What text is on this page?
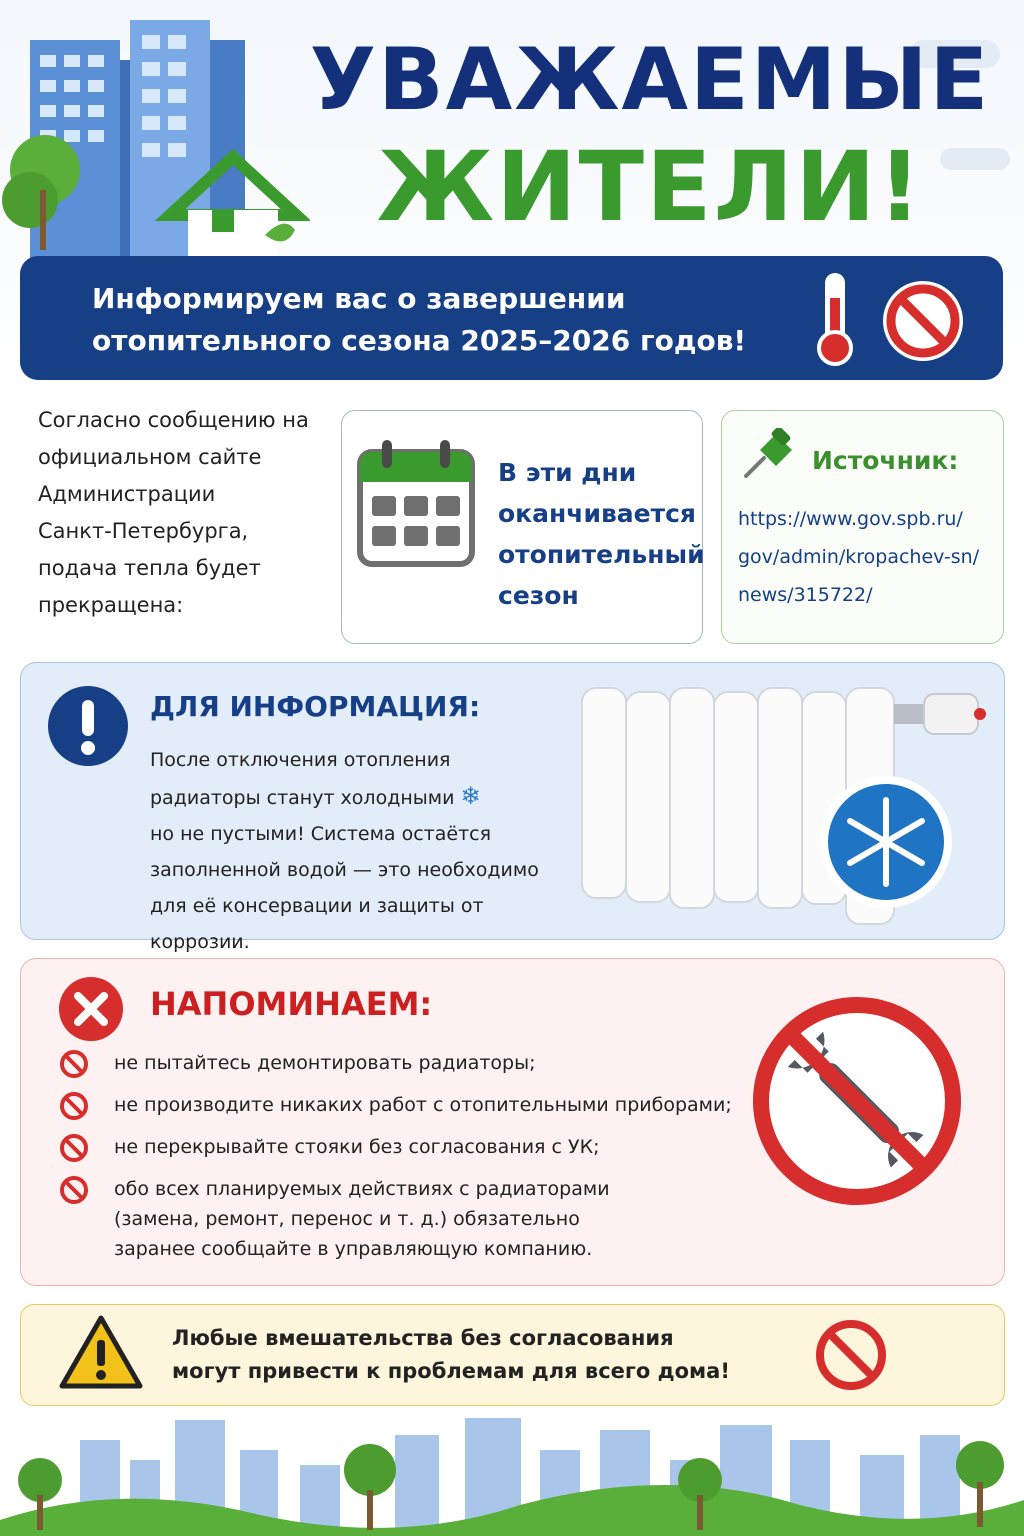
УВАЖАЕМЫЕ
ЖИТЕЛИ!
Информируем вас о завершении
отопительного сезона 2025–2026 годов!
Согласно сообщению на
официальном сайте
Администрации
Санкт-Петербурга,
подача тепла будет
прекращена:
В эти дни
оканчивается
отопительный
сезон
Источник:
https://www.gov.spb.ru/
gov/admin/kropachev-sn/
news/315722/
ДЛЯ ИНФОРМАЦИЯ:
После отключения отопления
радиаторы станут холодными ❄
но не пустыми! Система остаётся
заполненной водой — это необходимо
для её консервации и защиты от коррозии.
НАПОМИНАЕМ:
не пытайтесь демонтировать радиаторы;
не производите никаких работ с отопительными приборами;
не перекрывайте стояки без согласования с УК;
обо всех планируемых действиях с радиаторами (замена, ремонт, перенос и т. д.) обязательно заранее сообщайте в управляющую компанию.
Любые вмешательства без согласования
могут привести к проблемам для всего дома!
